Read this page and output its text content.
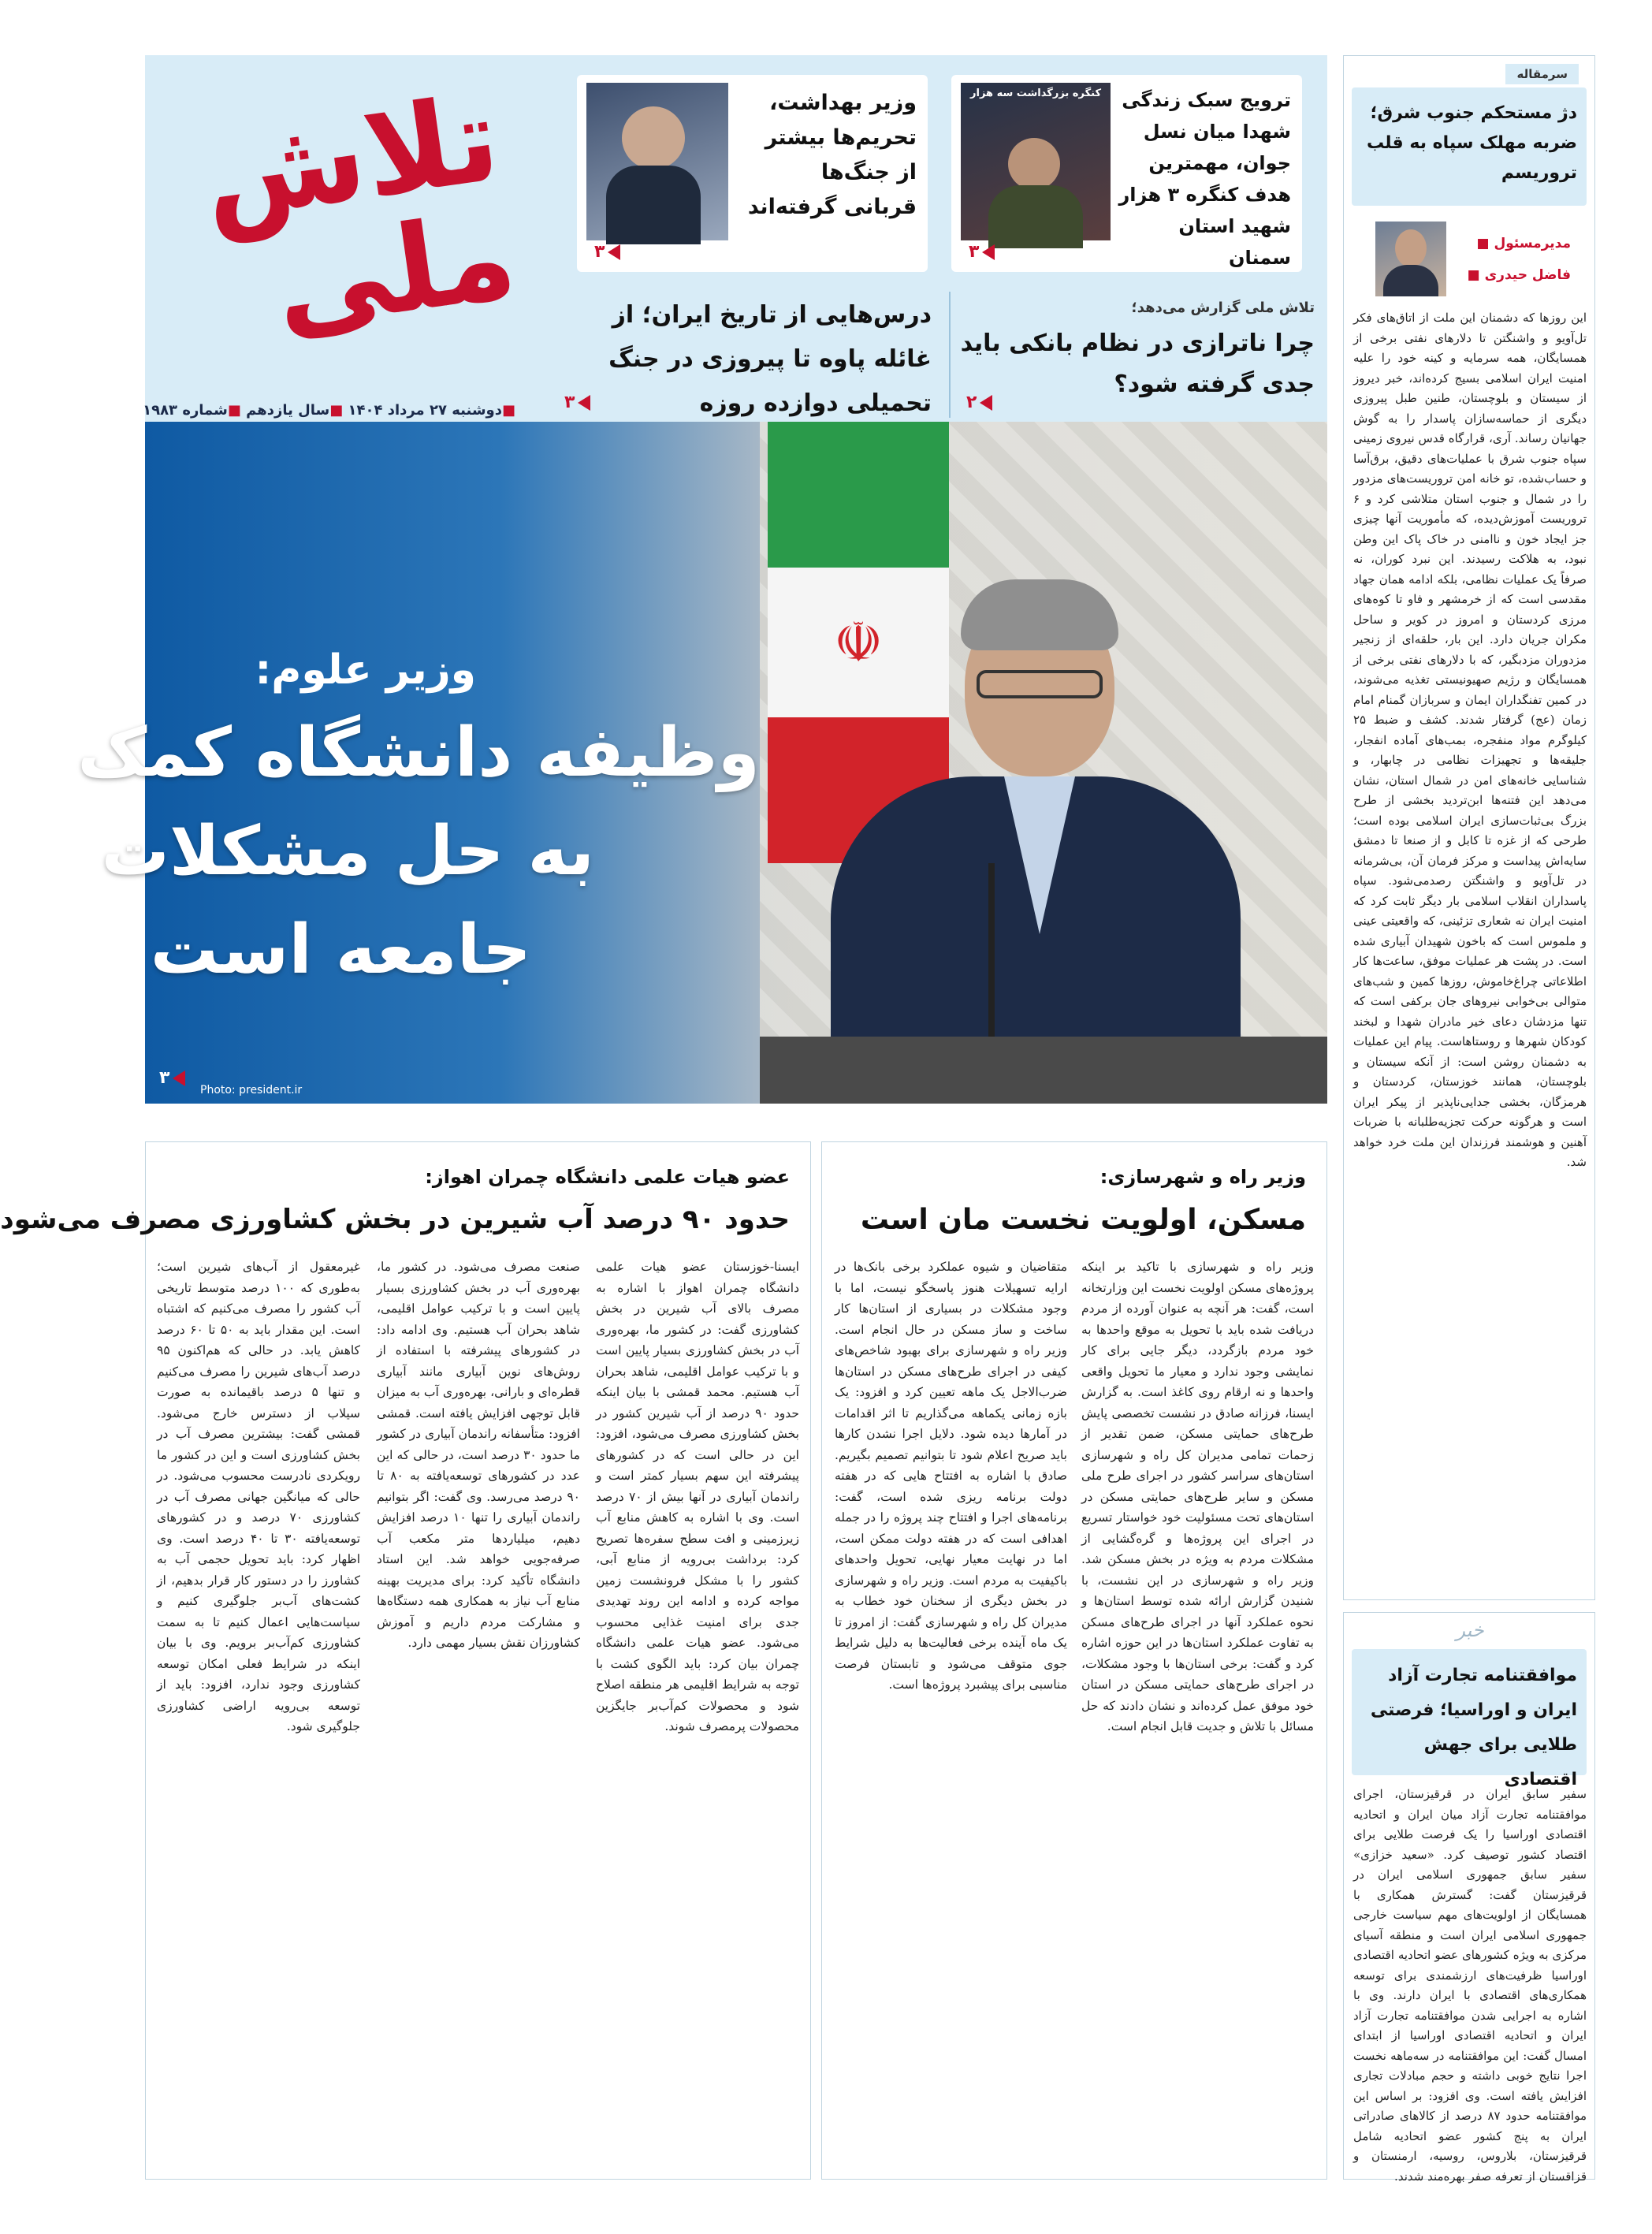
تلاش ملی
■دوشنبه ۲۷ مرداد ۱۴۰۴ ■سال یازدهم ■شماره ۱۹۸۳
وزیر بهداشت، تحریم‌ها بیشتر از جنگ‌ها قربانی گرفته‌اند
۳
کنگره بزرگداشت سه هزار	ترویج سبک زندگی شهدا میان نسل جوان، مهمترین هدف کنگره ۳ هزار شهید استان سمنان
۳
درس‌هایی از تاریخ ایران؛ از غائله پاوه تا پیروزی در جنگ تحمیلی دوازده روزه
۳
تلاش ملی گزارش می‌دهد؛
چرا ناترازی در نظام بانکی باید جدی گرفته شود؟
۲
☫
وزیر علوم:
وظیفه دانشگاه کمک
به حل مشکلات
جامعه است
۳
Photo: president.ir
سرمقاله
دژ مستحکم جنوب شرق؛ ضربه مهلک سپاه به قلب تروریسم
مدیرمسئول ■
فاضل حیدری ■
این روزها که دشمنان این ملت از اتاق‌های فکر تل‌آویو و واشنگتن تا دلارهای نفتی برخی از همسایگان، همه سرمایه و کینه خود را علیه امنیت ایران اسلامی بسیج کرده‌اند، خبر دیروز از سیستان و بلوچستان، طنین طبل پیروزی دیگری از حماسه‌سازان پاسدار را به گوش جهانیان رساند. آری، قرارگاه قدس نیروی زمینی سپاه جنوب شرق با عملیات‌های دقیق، برق‌آسا و حساب‌شده، تو خانه امن تروریست‌های مزدور را در شمال و جنوب استان متلاشی کرد و ۶ تروریست آموزش‌دیده، که مأموریت آنها چیزی جز ایجاد خون و ناامنی در خاک پاک این وطن نبود، به هلاکت رسیدند. این نبرد کوران، نه صرفاً یک عملیات نظامی، بلکه ادامه همان جهاد مقدسی است که از خرمشهر و فاو تا کوه‌های مرزی کردستان و امروز در کویر و ساحل مکران جریان دارد. این بار، حلقه‌ای از زنجیر مزدوران مزدبگیر، که با دلارهای نفتی برخی از همسایگان و رژیم صهیونیستی تغذیه می‌شوند، در کمین تفنگداران ایمان و سربازان گمنام امام زمان (عج) گرفتار شدند. کشف و ضبط ۲۵ کیلوگرم مواد منفجره، بمب‌های آماده انفجار، جلیقه‌ها و تجهیزات نظامی در چابهار، و شناسایی خانه‌های امن در شمال استان، نشان می‌دهد این فتنه‌ها ابن‌تردید بخشی از طرح بزرگ بی‌ثبات‌سازی ایران اسلامی بوده است؛ طرحی که از غزه تا کابل و از صنعا تا دمشق سایه‌اش پیداست و مرکز فرمان آن، بی‌شرمانه در تل‌آویو و واشنگتن رصدمی‌شود. سپاه پاسداران انقلاب اسلامی بار دیگر ثابت کرد که امنیت ایران نه شعاری تزئینی، که واقعیتی عینی و ملموس است که باخون شهیدان آبیاری شده است. در پشت هر عملیات موفق، ساعت‌ها کار اطلاعاتی چراغ‌خاموش، روزها کمین و شب‌های متوالی بی‌خوابی نیروهای جان برکفی است که تنها مزدشان دعای خیر مادران شهدا و لبخند کودکان شهرها و روستاهاست. پیام این عملیات به دشمنان روشن است: از آنکه سیستان و بلوچستان، همانند خوزستان، کردستان و هرمزگان، بخشی جدایی‌ناپذیر از پیکر ایران است و هرگونه حرکت تجزیه‌طلبانه با ضربات آهنین و هوشمند فرزندان این ملت خرد خواهد شد.
خبر
موافقتنامه تجارت آزاد ایران و اوراسیا؛ فرصتی طلایی برای جهش اقتصادی
سفیر سابق ایران در قرقیزستان، اجرای موافقتنامه تجارت آزاد میان ایران و اتحادیه اقتصادی اوراسیا را یک فرصت طلایی برای اقتصاد کشور توصیف کرد. «سعید خزازی» سفیر سابق جمهوری اسلامی ایران در قرقیزستان گفت: گسترش همکاری با همسایگان از اولویت‌های مهم سیاست خارجی جمهوری اسلامی ایران است و منطقه آسیای مرکزی به ویژه کشورهای عضو اتحادیه اقتصادی اوراسیا ظرفیت‌های ارزشمندی برای توسعه همکاری‌های اقتصادی با ایران دارند. وی با اشاره به اجرایی شدن موافقتنامه تجارت آزاد ایران و اتحادیه اقتصادی اوراسیا از ابتدای امسال گفت: این موافقتنامه در سه‌ماهه نخست اجرا نتایج خوبی داشته و حجم مبادلات تجاری افزایش یافته است. وی افزود: بر اساس این موافقتنامه حدود ۸۷ درصد از کالاهای صادراتی ایران به پنج کشور عضو اتحادیه شامل قرقیزستان، بلاروس، روسیه، ارمنستان و قزاقستان از تعرفه صفر بهره‌مند شدند.
وزیر راه و شهرسازی:
مسکن، اولویت نخست مان است
وزیر راه و شهرسازی با تاکید بر اینکه پروژه‌های مسکن اولویت نخست این وزارتخانه است، گفت: هر آنچه به عنوان آورده از مردم دریافت شده باید با تحویل به موقع واحدها به خود مردم بازگردد، دیگر جایی برای کار نمایشی وجود ندارد و معیار ما تحویل واقعی واحدها و نه ارقام روی کاغذ است. به گزارش ایسنا، فرزانه صادق در نشست تخصصی پایش طرح‌های حمایتی مسکن، ضمن تقدیر از زحمات تمامی مدیران کل راه و شهرسازی استان‌های سراسر کشور در اجرای طرح ملی مسکن و سایر طرح‌های حمایتی مسکن در استان‌های تحت مسئولیت خود خواستار تسریع در اجرای این پروژه‌ها و گره‌گشایی از مشکلات مردم به ویژه در بخش مسکن شد. وزیر راه و شهرسازی در این نشست، با شنیدن گزارش ارائه شده توسط استان‌ها و نحوه عملکرد آنها در اجرای طرح‌های مسکن به تفاوت عملکرد استان‌ها در این حوزه اشاره کرد و گفت: برخی استان‌ها با وجود مشکلات، در اجرای طرح‌های حمایتی مسکن در استان خود موفق عمل کرده‌اند و نشان دادند که حل مسائل با تلاش و جدیت قابل انجام است.
متقاضیان و شیوه عملکرد برخی بانک‌ها در ارایه تسهیلات هنوز پاسخگو نیست، اما با وجود مشکلات در بسیاری از استان‌ها کار ساخت و ساز مسکن در حال انجام است. وزیر راه و شهرسازی برای بهبود شاخص‌های کیفی در اجرای طرح‌های مسکن در استان‌ها ضرب‌الاجل یک ماهه تعیین کرد و افزود: یک بازه زمانی یکماهه می‌گذاریم تا اثر اقدامات در آمارها دیده شود. دلایل اجرا نشدن کارها باید صریح اعلام شود تا بتوانیم تصمیم بگیریم. صادق با اشاره به افتتاح هایی که در هفته دولت برنامه ریزی شده است، گفت: برنامه‌های اجرا و افتتاح چند پروژه را در جمله اهدافی است که در هفته دولت ممکن است، اما در نهایت معیار نهایی، تحویل واحدهای باکیفیت به مردم است. وزیر راه و شهرسازی در بخش دیگری از سخنان خود خطاب به مدیران کل راه و شهرسازی گفت: از امروز تا یک ماه آینده برخی فعالیت‌ها به دلیل شرایط جوی متوقف می‌شود و تابستان فرصت مناسبی برای پیشبرد پروژه‌ها است.
عضو هیات علمی دانشگاه چمران اهواز:
حدود ۹۰ درصد آب شیرین در بخش کشاورزی مصرف می‌شود
ایسنا-خوزستان عضو هیات علمی دانشگاه چمران اهواز با اشاره به مصرف بالای آب شیرین در بخش کشاورزی گفت: در کشور ما، بهره‌وری آب در بخش کشاورزی بسیار پایین است و با ترکیب عوامل اقلیمی، شاهد بحران آب هستیم. محمد قمشی با بیان اینکه حدود ۹۰ درصد از آب شیرین کشور در بخش کشاورزی مصرف می‌شود، افزود: این در حالی است که در کشورهای پیشرفته این سهم بسیار کمتر است و راندمان آبیاری در آنها بیش از ۷۰ درصد است. وی با اشاره به کاهش منابع آب زیرزمینی و افت سطح سفره‌ها تصریح کرد: برداشت بی‌رویه از منابع آبی، کشور را با مشکل فرونشست زمین مواجه کرده و ادامه این روند تهدیدی جدی برای امنیت غذایی محسوب می‌شود. عضو هیات علمی دانشگاه چمران بیان کرد: باید الگوی کشت با توجه به شرایط اقلیمی هر منطقه اصلاح شود و محصولات کم‌آب‌بر جایگزین محصولات پرمصرف شوند.
صنعت مصرف می‌شود. در کشور ما، بهره‌وری آب در بخش کشاورزی بسیار پایین است و با ترکیب عوامل اقلیمی، شاهد بحران آب هستیم. وی ادامه داد: در کشورهای پیشرفته با استفاده از روش‌های نوین آبیاری مانند آبیاری قطره‌ای و بارانی، بهره‌وری آب به میزان قابل توجهی افزایش یافته است. قمشی افزود: متأسفانه راندمان آبیاری در کشور ما حدود ۳۰ درصد است، در حالی که این عدد در کشورهای توسعه‌یافته به ۸۰ تا ۹۰ درصد می‌رسد. وی گفت: اگر بتوانیم راندمان آبیاری را تنها ۱۰ درصد افزایش دهیم، میلیاردها متر مکعب آب صرفه‌جویی خواهد شد. این استاد دانشگاه تأکید کرد: برای مدیریت بهینه منابع آب نیاز به همکاری همه دستگاه‌ها و مشارکت مردم داریم و آموزش کشاورزان نقش بسیار مهمی دارد.
غیرمعقول از آب‌های شیرین است؛ به‌طوری که ۱۰۰ درصد متوسط تاریخی آب کشور را مصرف می‌کنیم که اشتباه است. این مقدار باید به ۵۰ تا ۶۰ درصد کاهش یابد. در حالی که هم‌اکنون ۹۵ درصد آب‌های شیرین را مصرف می‌کنیم و تنها ۵ درصد باقیمانده به صورت سیلاب از دسترس خارج می‌شود. قمشی گفت: بیشترین مصرف آب در بخش کشاورزی است و این در کشور ما رویکردی نادرست محسوب می‌شود. در حالی که میانگین جهانی مصرف آب در کشاورزی ۷۰ درصد و در کشورهای توسعه‌یافته ۳۰ تا ۴۰ درصد است. وی اظهار کرد: باید تحویل حجمی آب به کشاورز را در دستور کار قرار بدهیم، از کشت‌های آب‌بر جلوگیری کنیم و سیاست‌هایی اعمال کنیم تا به سمت کشاورزی کم‌آب‌بر برویم. وی با بیان اینکه در شرایط فعلی امکان توسعه کشاورزی وجود ندارد، افزود: باید از توسعه بی‌رویه اراضی کشاورزی جلوگیری شود.
